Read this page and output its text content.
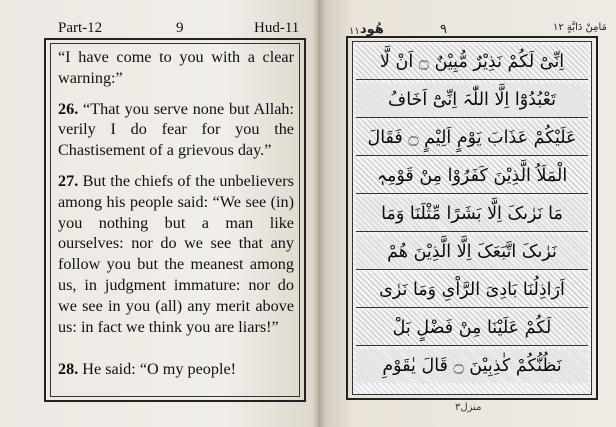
Part-12	9	Hud-11

“I have come to you with a clear warning:”

26. “That you serve none but Allah: verily I do fear for you the Chastisement of a grievous day.”

27. But the chiefs of the unbelievers among his people said: “We see (in) you nothing but a man like ourselves: nor do we see that any follow you but the meanest among us, in judgment immature: nor do we see in you (all) any merit above us: in fact we think you are liars!”

28. He said: “O my people!

مَامِنْ دَابَّةٍ ١٢
٩
هُود
١١
اِنِّیْ لَکُمْ نَذِیْرٌ مُّبِیْنٌ ۝ اَنْ لَّا
تَعْبُدُوْٓا اِلَّا اللّٰہَ اِنِّیْٓ اَخَافُ
عَلَیْکُمْ عَذَابَ یَوْمٍ اَلِیْمٍ ۝ فَقَالَ
الْمَلَاُ الَّذِیْنَ کَفَرُوْا مِنْ قَوْمِہٖ
مَا نَرٰىکَ اِلَّا بَشَرًا مِّثْلَنَا وَمَا
نَرٰىکَ اتَّبَعَکَ اِلَّا الَّذِیْنَ ھُمْ
اَرَاذِلُنَا بَادِیَ الرَّاْیِ وَمَا نَرٰی
لَکُمْ عَلَیْنَا مِنْ فَضْلٍ بَلْ
نَظُنُّکُمْ کٰذِبِیْنَ ۝ قَالَ یٰقَوْمِ
منزل٣
